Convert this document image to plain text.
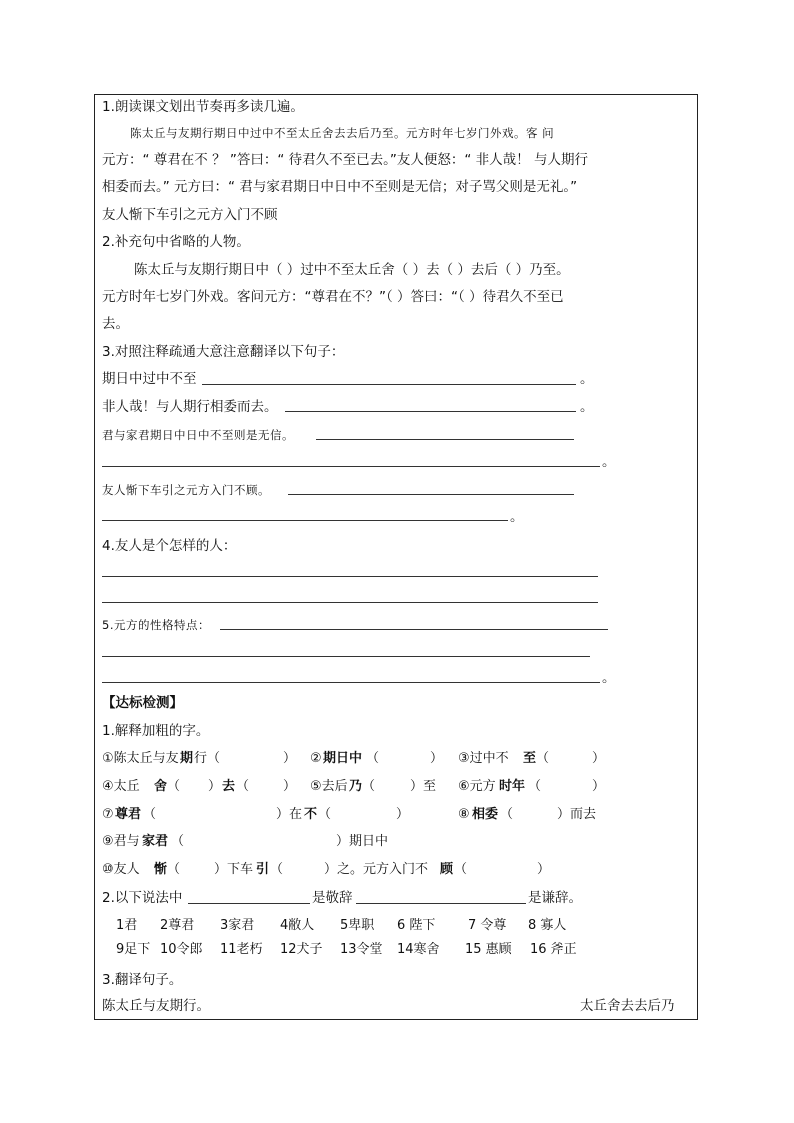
1.朗读课文划出节奏再多读几遍。
陈太丘与友期行期日中过中不至太丘舍去去后乃至。元方时年七岁门外戏。客 问
元方：“ 尊君在不 ？ ”答曰：“ 待君久不至已去。”友人便怒：“ 非人哉！ 与人期行
相委而去。” 元方曰：“ 君与家君期日中日中不至则是无信；对子骂父则是无礼。”
友人惭下车引之元方入门不顾
2.补充句中省略的人物。
陈太丘与友期行期日中（ ）过中不至太丘舍（ ）去（ ）去后（ ）乃至。
元方时年七岁门外戏。客问元方：“尊君在不？”（ ）答曰：“（ ）待君久不至已
去。
3.对照注释疏通大意注意翻译以下句子：
期日中过中不至	。
非人哉！与人期行相委而去。	。
君与家君期日中日中不至则是无信。
。
友人惭下车引之元方入门不顾。
。
4.友人是个怎样的人：
5.元方的性格特点：
。
【达标检测】
1.解释加粗的字。
①陈太丘与友 期 行（	） ② 期日中 （	） ③过中不 至 （	）
④太丘 舍 （ ） 去 （	） ⑤去后 乃 （	）至 ⑥元方 时年 （	）
⑦ 尊君 （	）在 不 （	）	⑧ 相委 （	）而去
⑨君与 家君 （	）期日中
⑩友人 惭 （	）下车 引 （	）之。元方入门不 顾 （	）
2.以下说法中	是敬辞	是谦辞。
1君 2尊君 3家君 4敝人 5卑职 6 陛下	7 令尊 8 寡人
9足下 10令郎 11老朽 12犬子 13令堂 14寒舍 15 惠顾 16 斧正
3.翻译句子。
陈太丘与友期行。	太丘舍去去后乃
